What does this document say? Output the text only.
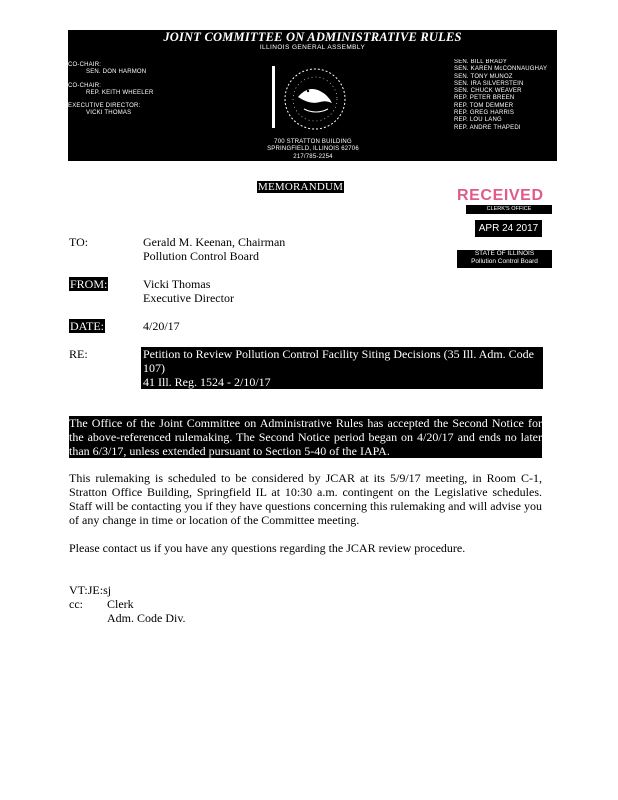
JOINT COMMITTEE ON ADMINISTRATIVE RULES
ILLINOIS GENERAL ASSEMBLY
CO-CHAIR:
SEN. DON HARMON
CO-CHAIR:
REP. KEITH WHEELER
EXECUTIVE DIRECTOR:
VICKI THOMAS
700 STRATTON BUILDING
SPRINGFIELD, ILLINOIS 62706
217/785-2254
SEN. BILL BRADY
SEN. KAREN McCONNAUGHAY
SEN. TONY MUNOZ
SEN. IRA SILVERSTEIN
SEN. CHUCK WEAVER
REP. PETER BREEN
REP. TOM DEMMER
REP. GREG HARRIS
REP. LOU LANG
REP. ANDRE THAPEDI
MEMORANDUM	RECEIVED
CLERK'S OFFICE
APR 24 2017
STATE OF ILLINOIS
Pollution Control Board
TO:	Gerald M. Keenan, Chairman
Pollution Control Board
FROM:	Vicki Thomas
Executive Director
DATE:	4/20/17
RE:	Petition to Review Pollution Control Facility Siting Decisions (35 Ill. Adm. Code 107)
41 Ill. Reg. 1524 - 2/10/17
The Office of the Joint Committee on Administrative Rules has accepted the Second Notice for the above-referenced rulemaking. The Second Notice period began on 4/20/17 and ends no later than 6/3/17, unless extended pursuant to Section 5-40 of the IAPA.
This rulemaking is scheduled to be considered by JCAR at its 5/9/17 meeting, in Room C-1, Stratton Office Building, Springfield IL at 10:30 a.m. contingent on the Legislative schedules. Staff will be contacting you if they have questions concerning this rulemaking and will advise you of any change in time or location of the Committee meeting.
Please contact us if you have any questions regarding the JCAR review procedure.
VT:JE:sj
cc: Clerk
Adm. Code Div.
